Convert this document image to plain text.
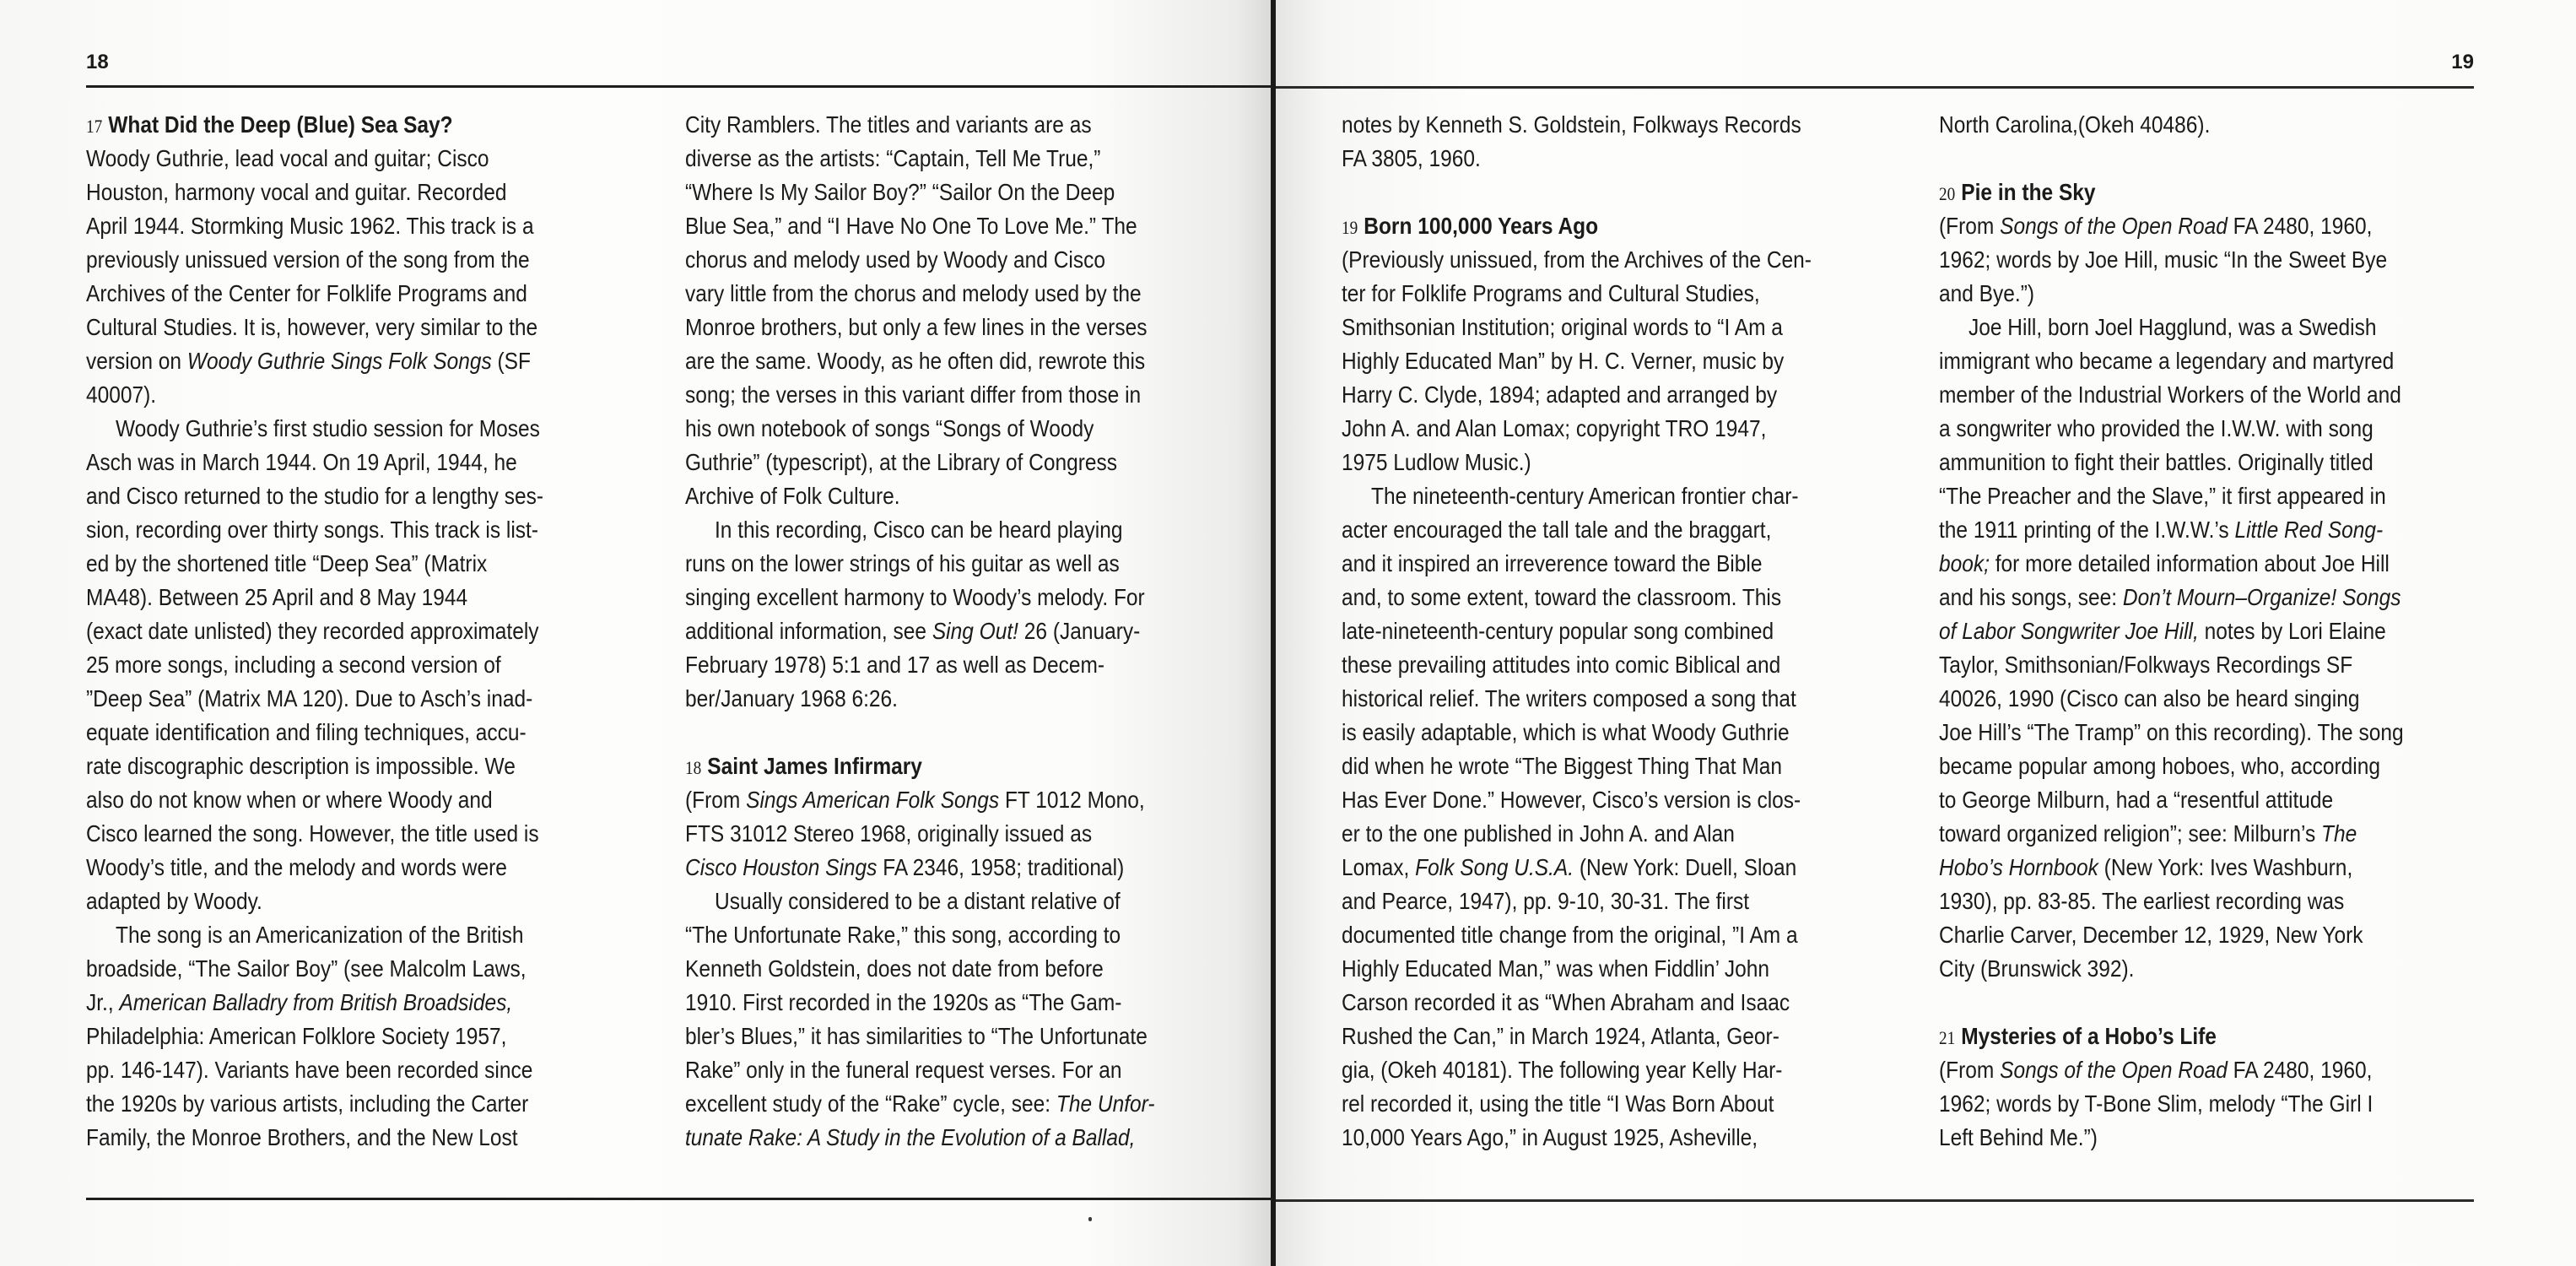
18	19
17 What Did the Deep (Blue) Sea Say?
Woody Guthrie, lead vocal and guitar; Cisco
Houston, harmony vocal and guitar. Recorded
April 1944. Stormking Music 1962. This track is a
previously unissued version of the song from the
Archives of the Center for Folklife Programs and
Cultural Studies. It is, however, very similar to the
version on Woody Guthrie Sings Folk Songs (SF
40007).
Woody Guthrie’s first studio session for Moses
Asch was in March 1944. On 19 April, 1944, he
and Cisco returned to the studio for a lengthy ses-
sion, recording over thirty songs. This track is list-
ed by the shortened title “Deep Sea” (Matrix
MA48). Between 25 April and 8 May 1944
(exact date unlisted) they recorded approximately
25 more songs, including a second version of
”Deep Sea” (Matrix MA 120). Due to Asch’s inad-
equate identification and filing techniques, accu-
rate discographic description is impossible. We
also do not know when or where Woody and
Cisco learned the song. However, the title used is
Woody’s title, and the melody and words were
adapted by Woody.
The song is an Americanization of the British
broadside, “The Sailor Boy” (see Malcolm Laws,
Jr., American Balladry from British Broadsides,
Philadelphia: American Folklore Society 1957,
pp. 146-147). Variants have been recorded since
the 1920s by various artists, including the Carter
Family, the Monroe Brothers, and the New Lost
City Ramblers. The titles and variants are as
diverse as the artists: “Captain, Tell Me True,”
“Where Is My Sailor Boy?” “Sailor On the Deep
Blue Sea,” and “I Have No One To Love Me.” The
chorus and melody used by Woody and Cisco
vary little from the chorus and melody used by the
Monroe brothers, but only a few lines in the verses
are the same. Woody, as he often did, rewrote this
song; the verses in this variant differ from those in
his own notebook of songs “Songs of Woody
Guthrie” (typescript), at the Library of Congress
Archive of Folk Culture.
In this recording, Cisco can be heard playing
runs on the lower strings of his guitar as well as
singing excellent harmony to Woody’s melody. For
additional information, see Sing Out! 26 (January-
February 1978) 5:1 and 17 as well as Decem-
ber/January 1968 6:26.
18 Saint James Infirmary
(From Sings American Folk Songs FT 1012 Mono,
FTS 31012 Stereo 1968, originally issued as
Cisco Houston Sings FA 2346, 1958; traditional)
Usually considered to be a distant relative of
“The Unfortunate Rake,” this song, according to
Kenneth Goldstein, does not date from before
1910. First recorded in the 1920s as “The Gam-
bler’s Blues,” it has similarities to “The Unfortunate
Rake” only in the funeral request verses. For an
excellent study of the “Rake” cycle, see: The Unfor-
tunate Rake: A Study in the Evolution of a Ballad,
notes by Kenneth S. Goldstein, Folkways Records
FA 3805, 1960.
19 Born 100,000 Years Ago
(Previously unissued, from the Archives of the Cen-
ter for Folklife Programs and Cultural Studies,
Smithsonian Institution; original words to “I Am a
Highly Educated Man” by H. C. Verner, music by
Harry C. Clyde, 1894; adapted and arranged by
John A. and Alan Lomax; copyright TRO 1947,
1975 Ludlow Music.)
The nineteenth-century American frontier char-
acter encouraged the tall tale and the braggart,
and it inspired an irreverence toward the Bible
and, to some extent, toward the classroom. This
late-nineteenth-century popular song combined
these prevailing attitudes into comic Biblical and
historical relief. The writers composed a song that
is easily adaptable, which is what Woody Guthrie
did when he wrote “The Biggest Thing That Man
Has Ever Done.” However, Cisco’s version is clos-
er to the one published in John A. and Alan
Lomax, Folk Song U.S.A. (New York: Duell, Sloan
and Pearce, 1947), pp. 9-10, 30-31. The first
documented title change from the original, ”I Am a
Highly Educated Man,” was when Fiddlin’ John
Carson recorded it as “When Abraham and Isaac
Rushed the Can,” in March 1924, Atlanta, Geor-
gia, (Okeh 40181). The following year Kelly Har-
rel recorded it, using the title “I Was Born About
10,000 Years Ago,” in August 1925, Asheville,
North Carolina,(Okeh 40486).
20 Pie in the Sky
(From Songs of the Open Road FA 2480, 1960,
1962; words by Joe Hill, music “In the Sweet Bye
and Bye.”)
Joe Hill, born Joel Hagglund, was a Swedish
immigrant who became a legendary and martyred
member of the Industrial Workers of the World and
a songwriter who provided the I.W.W. with song
ammunition to fight their battles. Originally titled
“The Preacher and the Slave,” it first appeared in
the 1911 printing of the I.W.W.’s Little Red Song-
book; for more detailed information about Joe Hill
and his songs, see: Don’t Mourn–Organize! Songs
of Labor Songwriter Joe Hill, notes by Lori Elaine
Taylor, Smithsonian/Folkways Recordings SF
40026, 1990 (Cisco can also be heard singing
Joe Hill’s “The Tramp” on this recording). The song
became popular among hoboes, who, according
to George Milburn, had a “resentful attitude
toward organized religion”; see: Milburn’s The
Hobo’s Hornbook (New York: Ives Washburn,
1930), pp. 83-85. The earliest recording was
Charlie Carver, December 12, 1929, New York
City (Brunswick 392).
21 Mysteries of a Hobo’s Life
(From Songs of the Open Road FA 2480, 1960,
1962; words by T-Bone Slim, melody “The Girl I
Left Behind Me.”)
